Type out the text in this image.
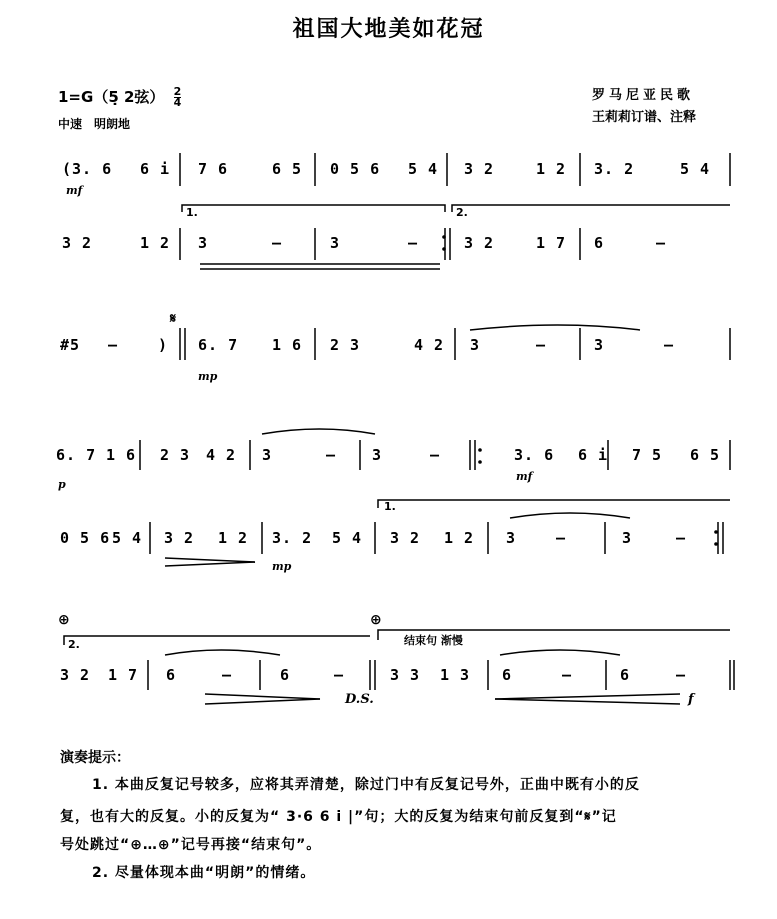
祖国大地美如花冠
1=G（5̣ 2弦） $\frac{2}{4}$
中速　明朗地
罗马尼亚民歌
王莉莉订谱、注释
𝄋
⊕	⊕
(3. 6 6 i 7 6	6 5 0 5 6 5 4 3 2	1 2 3. 2	5 4
mf
1.	2.
3 2	1 2 3	–	3	–	3 2	1 7 6	–
#5 –	) 6. 7 1 6 2 3	4 2 3	–	3	–
mp
6. 7 1 6 2 3 4 2 3	– 3	–	3. 6 6 i 7 5 6 5
p
mf
1.
0 5 6 5 4 3 2 1 2 3. 2 5 4 3 2 1 2 3	–	3	–
mp
2.	结束句 渐慢
3 2 1 7 6	–	6	–	3 3 1 3 6	–	6	–
D.S.	f
演奏提示：
1. 本曲反复记号较多，应将其弄清楚，除过门中有反复记号外，正曲中既有小的反
复，也有大的反复。小的反复为“ 3·6 6 i |”句；大的反复为结束句前反复到“𝄋”记
号处跳过“⊕…⊕”记号再接“结束句”。
2. 尽量体现本曲“明朗”的情绪。
